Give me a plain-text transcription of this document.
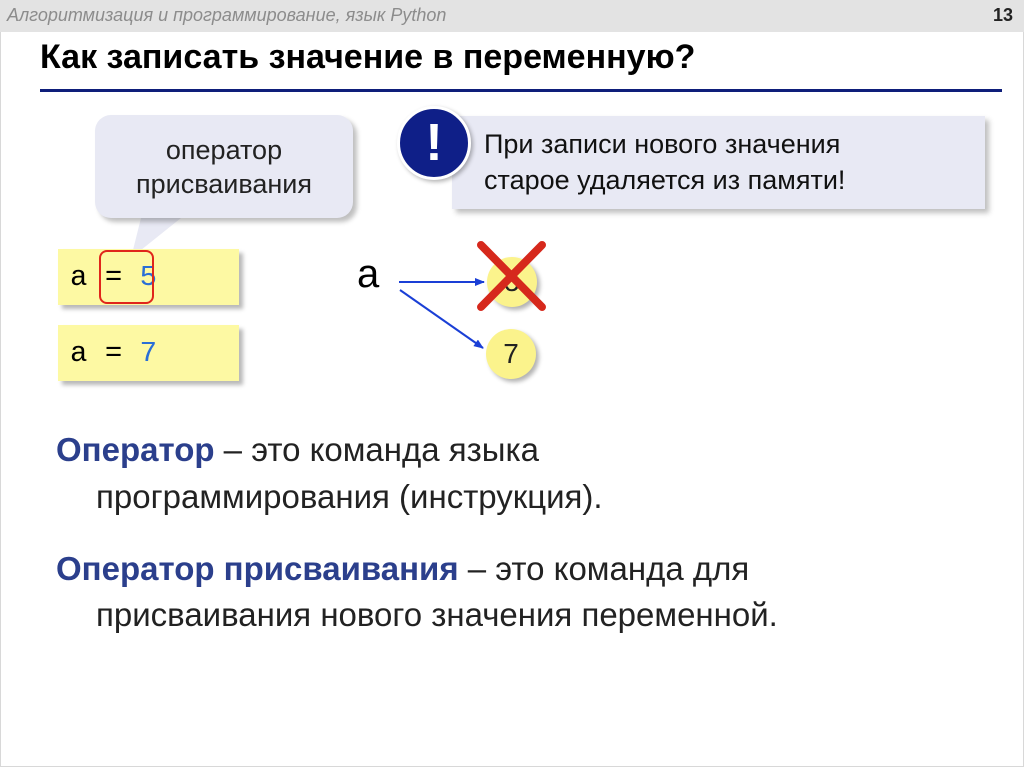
Алгоритмизация и программирование, язык Python	13
Как записать значение в переменную?
оператор
присваивания
a = 5
a = 7
При записи нового значения
старое удаляется из памяти!
!
a
7
Оператор – это команда языка
программирования (инструкция).
Оператор присваивания – это команда для
присваивания нового значения переменной.
